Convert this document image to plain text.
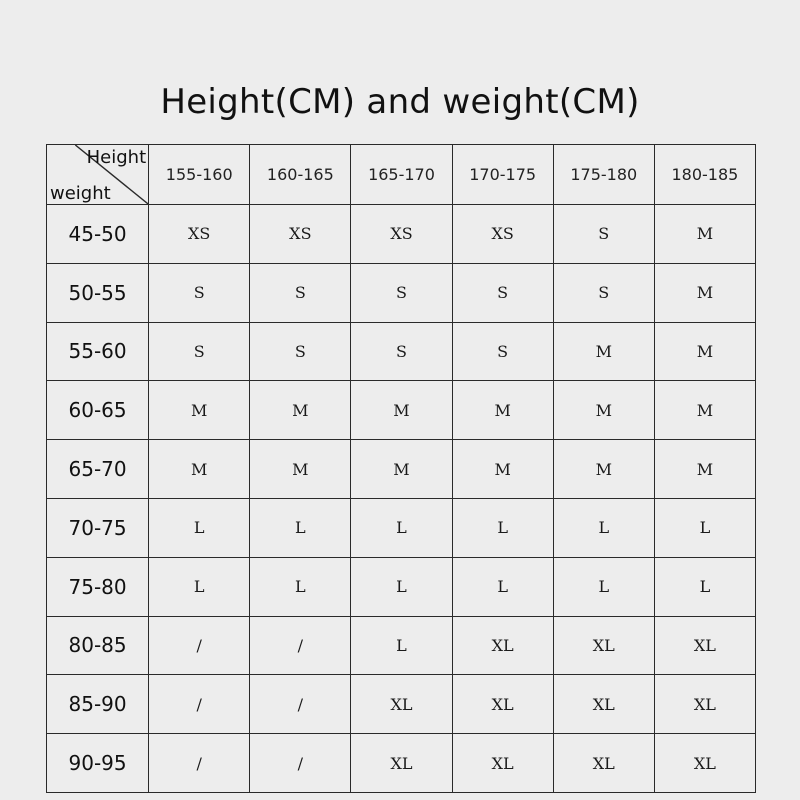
Height(CM) and weight(CM)
Height
weight	155-160	160-165	165-170	170-175	175-180	180-185
45-50	XS	XS	XS	XS	S	M
50-55	S	S	S	S	S	M
55-60	S	S	S	S	M	M
60-65	M	M	M	M	M	M
65-70	M	M	M	M	M	M
70-75	L	L	L	L	L	L
75-80	L	L	L	L	L	L
80-85	/	/	L	XL	XL	XL
85-90	/	/	XL	XL	XL	XL
90-95	/	/	XL	XL	XL	XL
